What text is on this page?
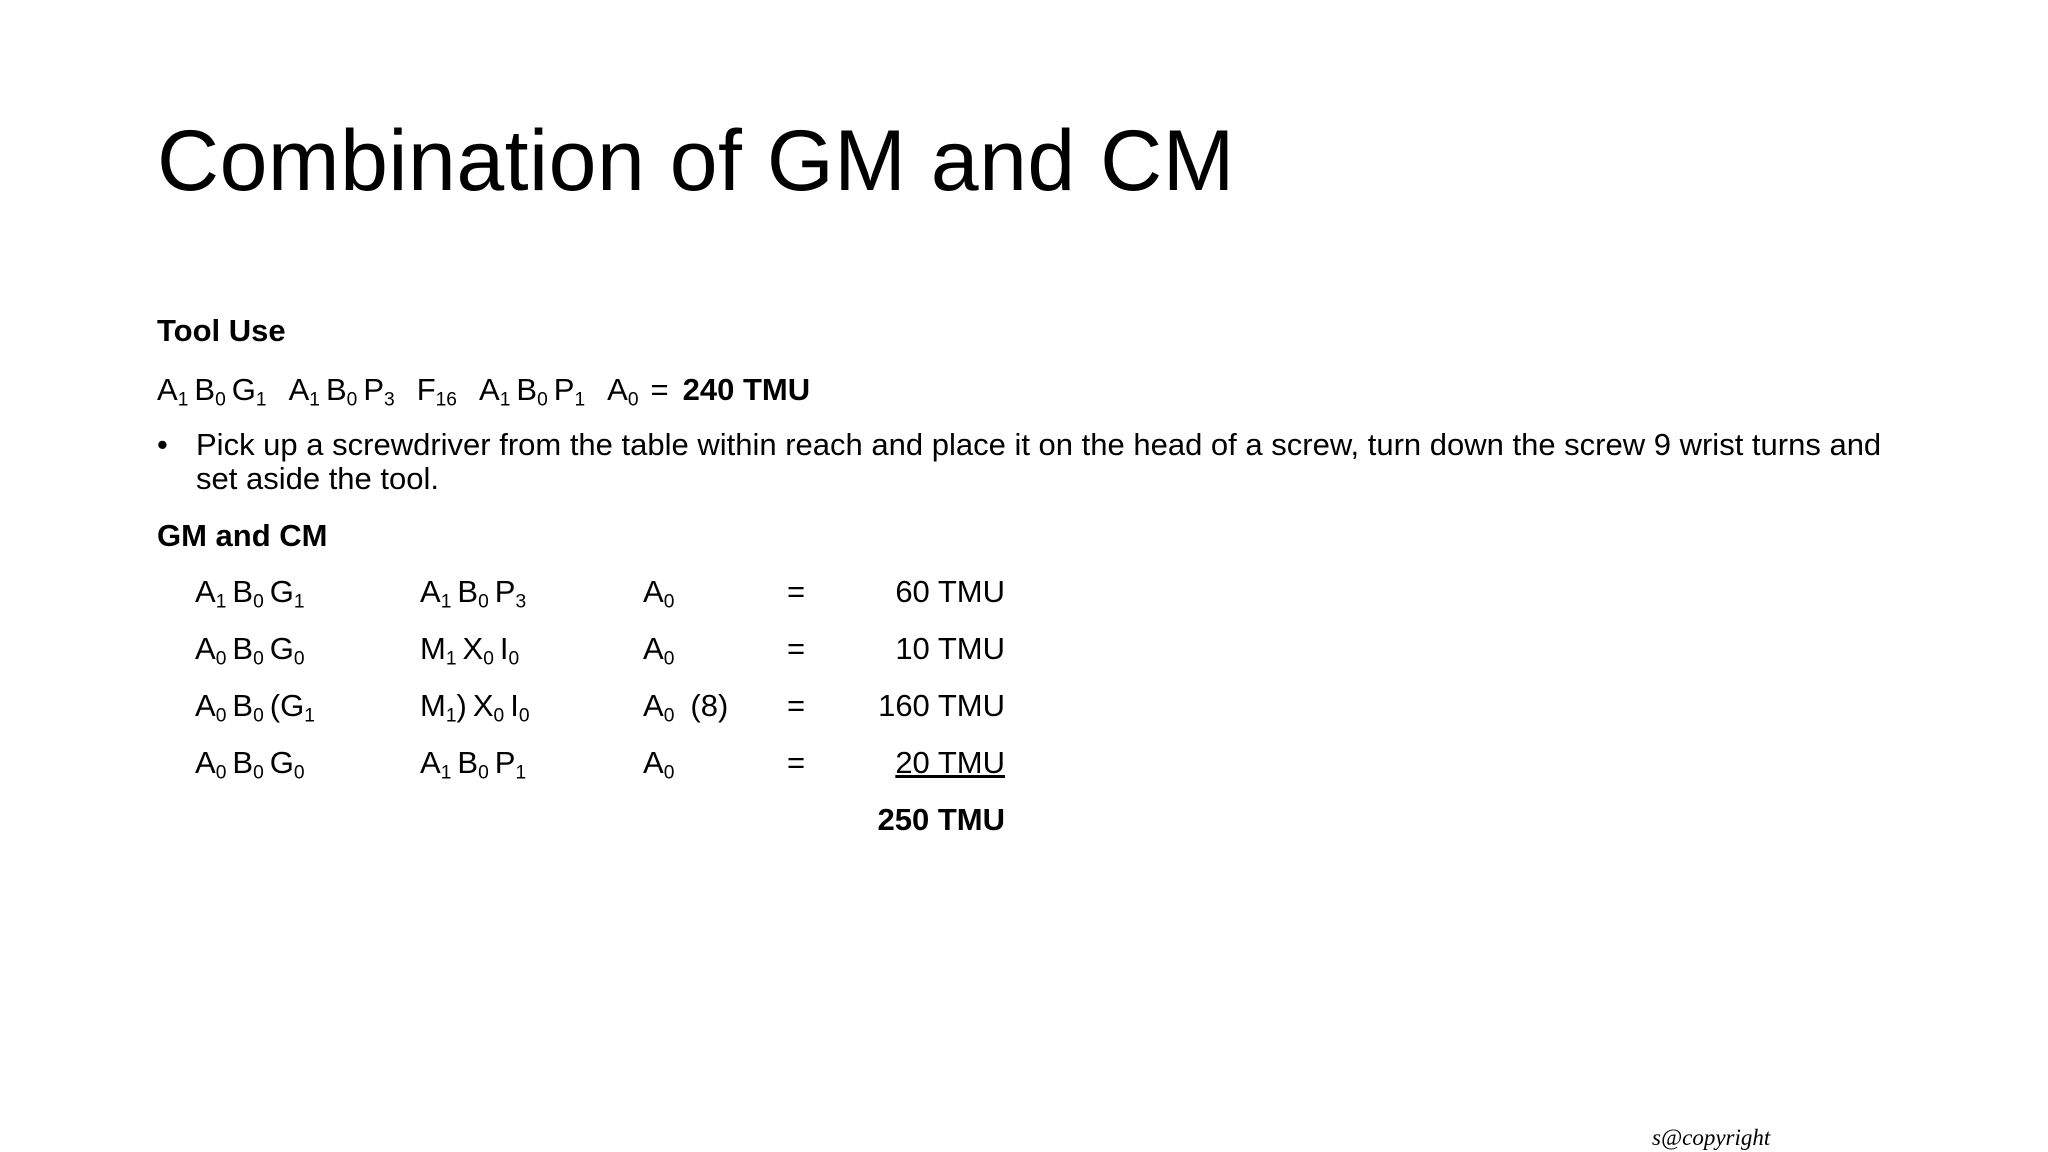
Combination of GM and CM
Tool Use
$A_1$ $B_0$ $G_1$ $A_1$ $B_0$ $P_3$ $F_{16}$ $A_1$ $B_0$ $P_1$ $A_0 = 240$ TMU
• Pick up a screwdriver from the table within reach and place it on the head of a screw, turn down the screw 9 wrist turns and set aside the tool.
GM and CM
$A_1$ $B_0$ $G_1$	$A_1$ $B_0$ $P_3$	$A_0$	=	60 TMU
$A_0$ $B_0$ $G_0$	$M_1$ $X_0$ $I_0$	$A_0$	=	10 TMU
$A_0$ $B_0$ ($G_1$	$M_1$) $X_0$ $I_0$	$A_0$ (8) =	160 TMU
$A_0$ $B_0$ $G_0$	$A_1$ $B_0$ $P_1$	$A_0$	=	20 TMU
250 TMU
s@copyright
